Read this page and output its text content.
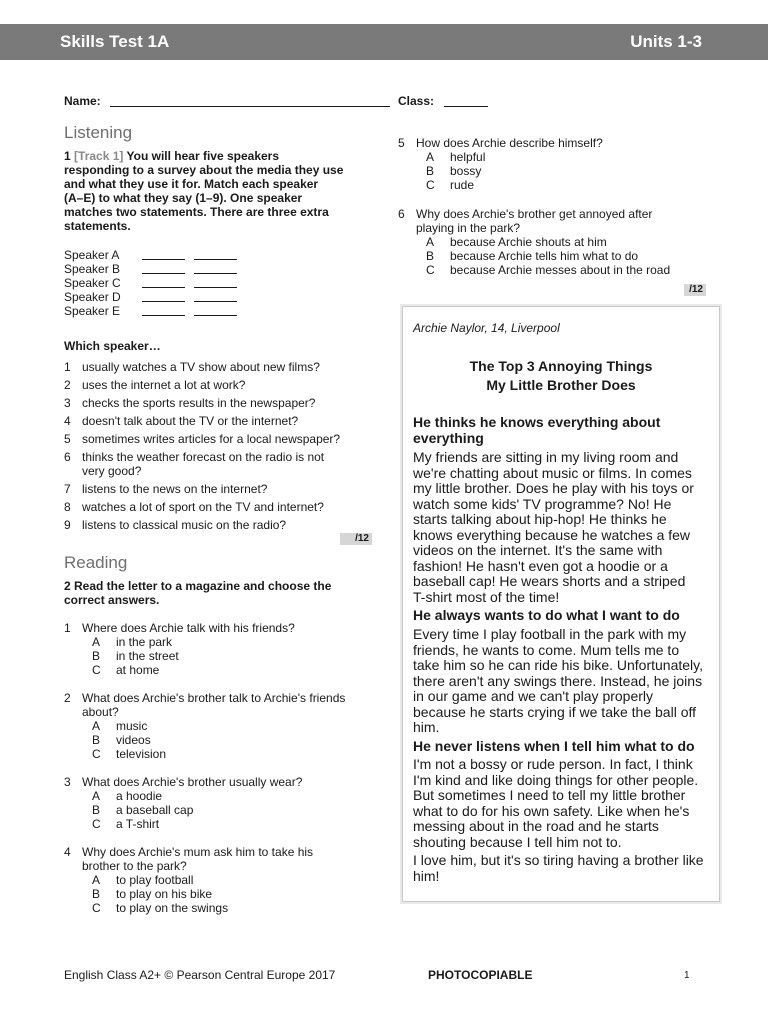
Skills Test 1A	Units 1-3
Name:	Class:
Listening
1 [Track 1] You will hear five speakers
responding to a survey about the media they use
and what they use it for. Match each speaker
(A–E) to what they say (1–9). One speaker
matches two statements. There are three extra
statements.
Speaker A
Speaker B
Speaker C
Speaker D
Speaker E
Which speaker…
1 usually watches a TV show about new films?
2 uses the internet a lot at work?
3 checks the sports results in the newspaper?
4 doesn't talk about the TV or the internet?
5 sometimes writes articles for a local newspaper?
6 thinks the weather forecast on the radio is not
very good?
7 listens to the news on the internet?
8 watches a lot of sport on the TV and internet?
9 listens to classical music on the radio?
/12
Reading
2 Read the letter to a magazine and choose the
correct answers.
1 Where does Archie talk with his friends?
A in the park
B in the street
C at home
2 What does Archie's brother talk to Archie's friends
about?
A music
B videos
C television
3 What does Archie's brother usually wear?
A a hoodie
B a baseball cap
C a T-shirt
4 Why does Archie's mum ask him to take his
brother to the park?
A to play football
B to play on his bike
C to play on the swings
5 How does Archie describe himself?
A helpful
B bossy
C rude
6 Why does Archie's brother get annoyed after
playing in the park?
A because Archie shouts at him
B because Archie tells him what to do
C because Archie messes about in the road
/12
Archie Naylor, 14, Liverpool
The Top 3 Annoying Things
My Little Brother Does
He thinks he knows everything about
everything
My friends are sitting in my living room and
we're chatting about music or films. In comes
my little brother. Does he play with his toys or
watch some kids' TV programme? No! He
starts talking about hip-hop! He thinks he
knows everything because he watches a few
videos on the internet. It's the same with
fashion! He hasn't even got a hoodie or a
baseball cap! He wears shorts and a striped
T-shirt most of the time!
He always wants to do what I want to do
Every time I play football in the park with my
friends, he wants to come. Mum tells me to
take him so he can ride his bike. Unfortunately,
there aren't any swings there. Instead, he joins
in our game and we can't play properly
because he starts crying if we take the ball off
him.
He never listens when I tell him what to do
I'm not a bossy or rude person. In fact, I think
I'm kind and like doing things for other people.
But sometimes I need to tell my little brother
what to do for his own safety. Like when he's
messing about in the road and he starts
shouting because I tell him not to.
I love him, but it's so tiring having a brother like
him!
English Class A2+ © Pearson Central Europe 2017	PHOTOCOPIABLE	1
